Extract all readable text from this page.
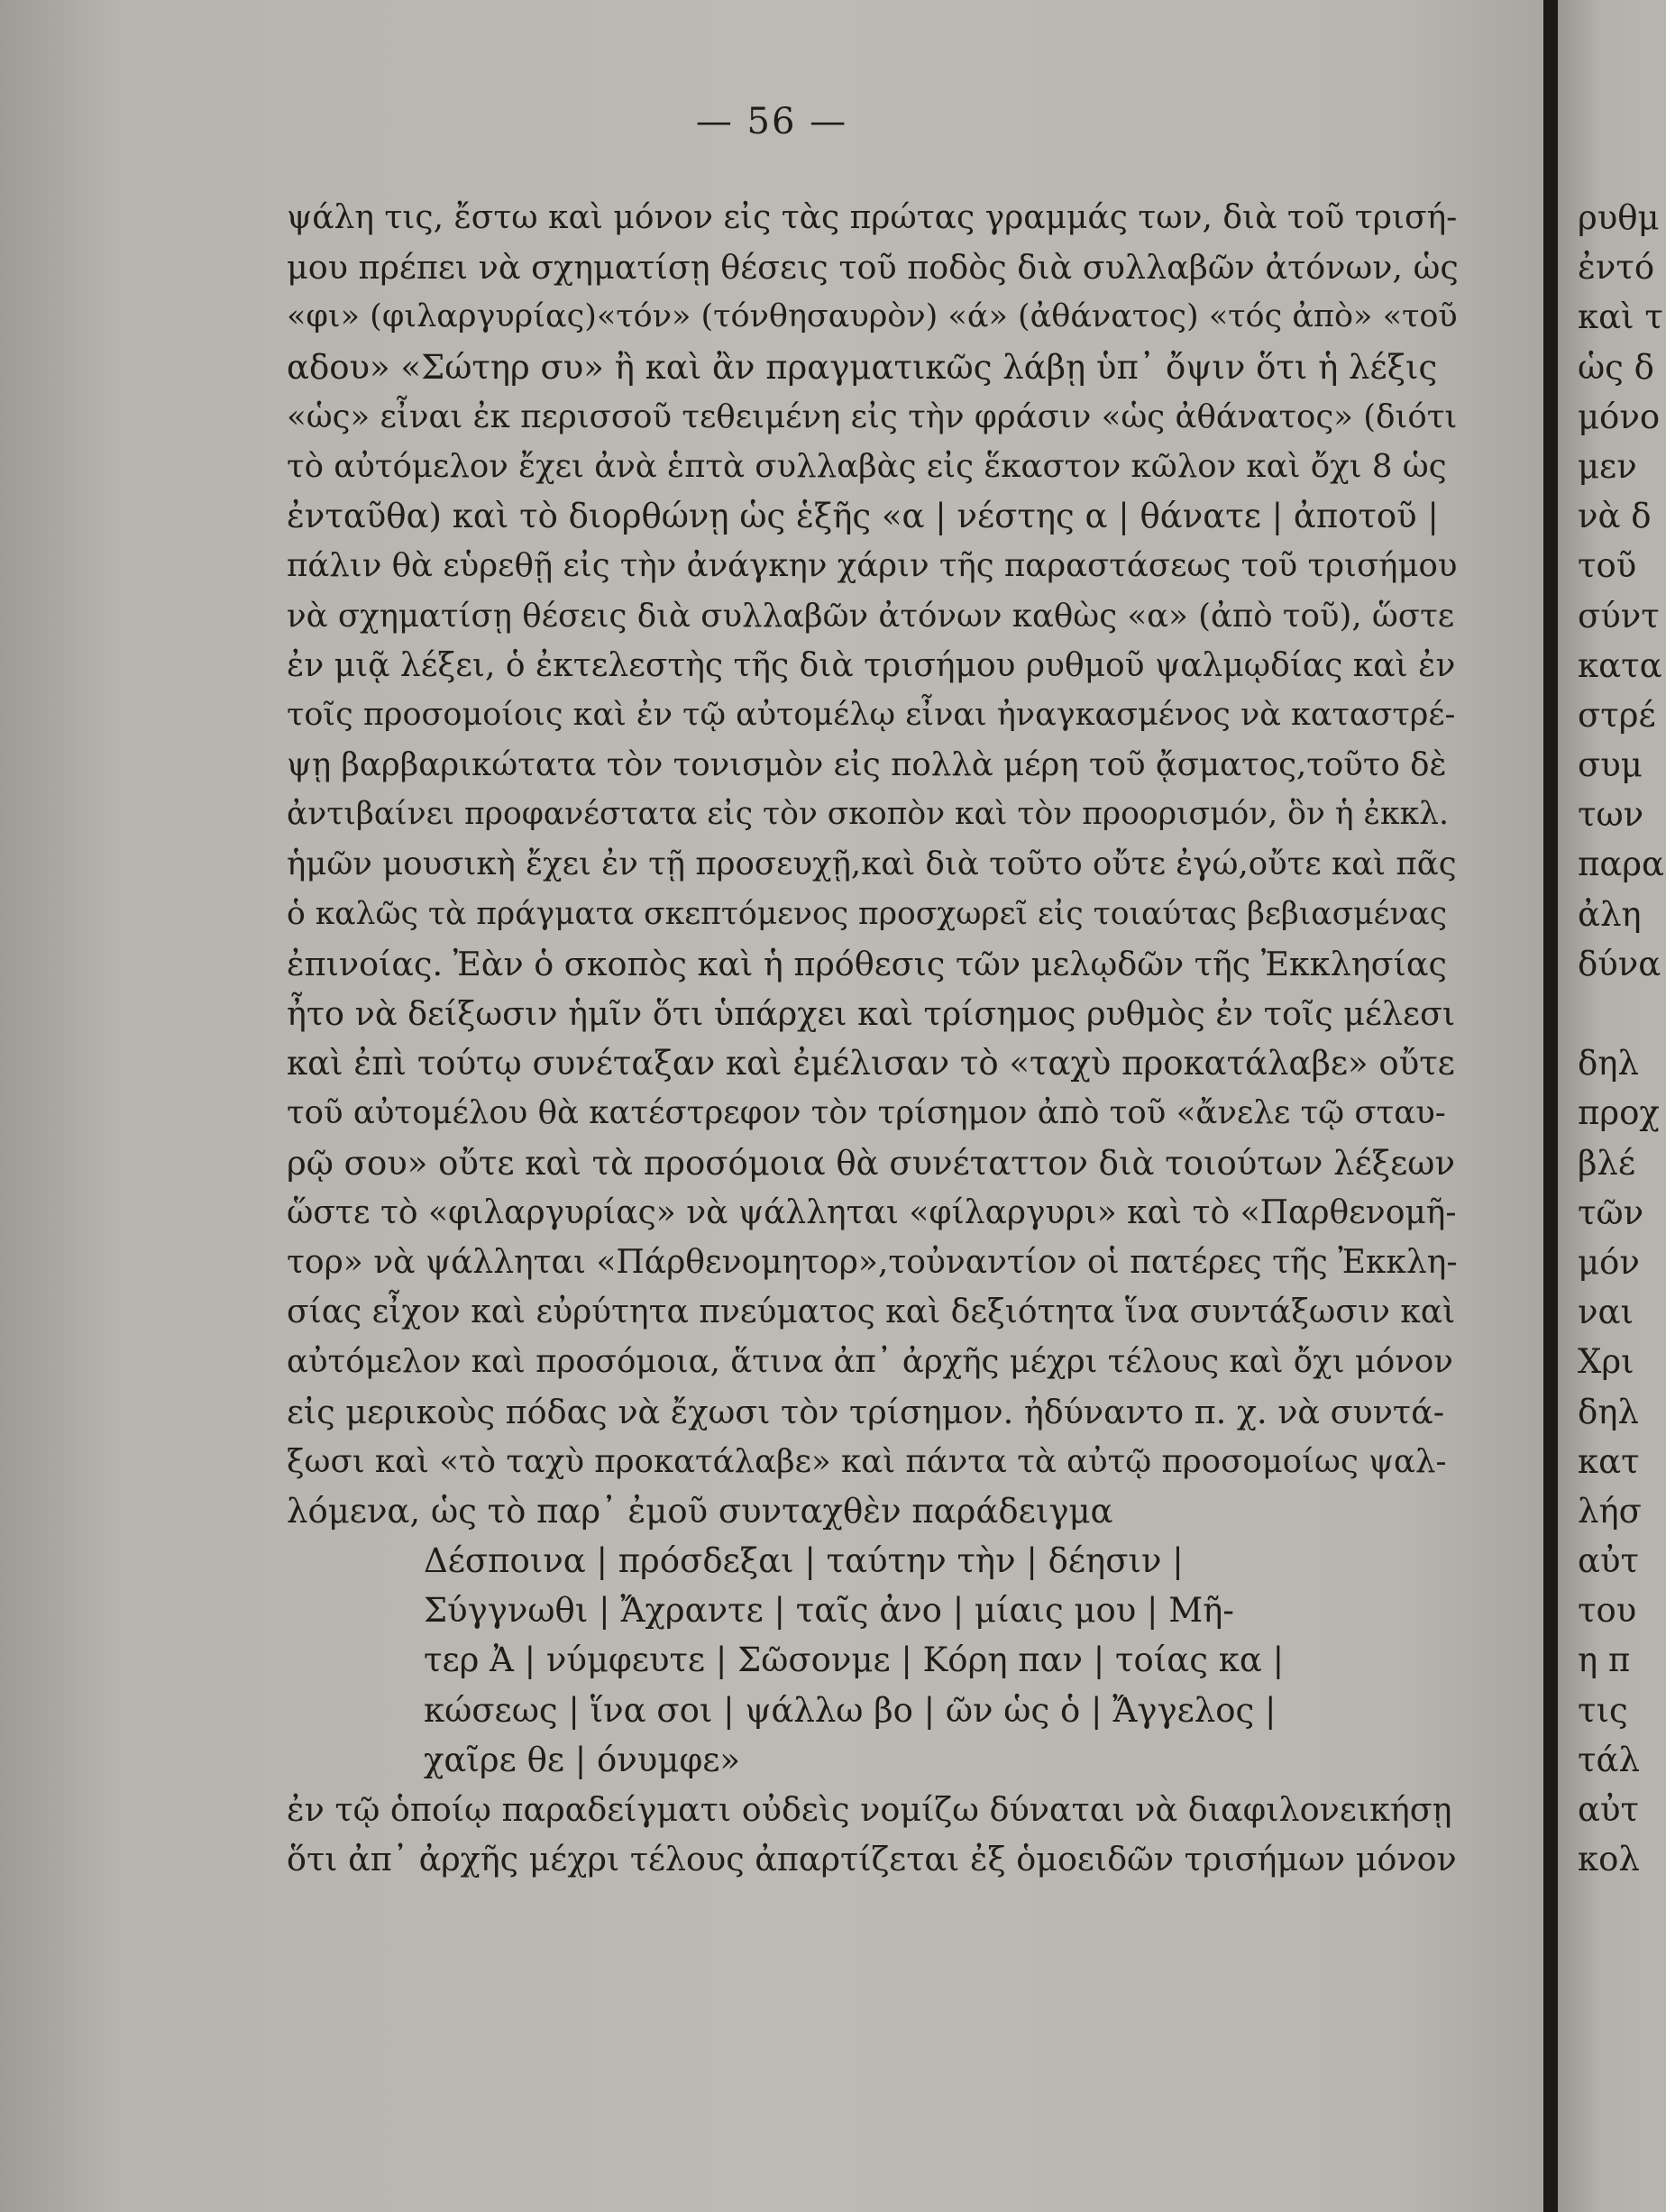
— 56 —
ψάλη τις, ἔστω καὶ μόνον εἰς τὰς πρώτας γραμμάς των, διὰ τοῦ τρισή-
μου πρέπει νὰ σχηματίσῃ θέσεις τοῦ ποδὸς διὰ συλλαβῶν ἀτόνων, ὡς
«φι» (φιλαργυρίας)«τόν» (τόνθησαυρὸν) «ά» (ἀθάνατος) «τός ἀπὸ» «τοῦ
αδου» «Σώτηρ συ» ἢ καὶ ἂν πραγματικῶς λάβῃ ὑπ᾽ ὄψιν ὅτι ἡ λέξις
«ὡς» εἶναι ἐκ περισσοῦ τεθειμένη εἰς τὴν φράσιν «ὡς ἀθάνατος» (διότι
τὸ αὐτόμελον ἔχει ἀνὰ ἑπτὰ συλλαβὰς εἰς ἕκαστον κῶλον καὶ ὄχι 8 ὡς
ἐνταῦθα) καὶ τὸ διορθώνῃ ὡς ἑξῆς «α | νέστης α | θάνατε | ἀποτοῦ |
πάλιν θὰ εὑρεθῇ εἰς τὴν ἀνάγκην χάριν τῆς παραστάσεως τοῦ τρισήμου
νὰ σχηματίσῃ θέσεις διὰ συλλαβῶν ἀτόνων καθὼς «α» (ἀπὸ τοῦ), ὥστε
ἐν μιᾷ λέξει, ὁ ἐκτελεστὴς τῆς διὰ τρισήμου ρυθμοῦ ψαλμῳδίας καὶ ἐν
τοῖς προσομοίοις καὶ ἐν τῷ αὐτομέλῳ εἶναι ἠναγκασμένος νὰ καταστρέ-
ψῃ βαρβαρικώτατα τὸν τονισμὸν εἰς πολλὰ μέρη τοῦ ᾄσματος,τοῦτο δὲ
ἀντιβαίνει προφανέστατα εἰς τὸν σκοπὸν καὶ τὸν προορισμόν, ὃν ἡ ἐκκλ.
ἡμῶν μουσικὴ ἔχει ἐν τῇ προσευχῇ,καὶ διὰ τοῦτο οὔτε ἐγώ,οὔτε καὶ πᾶς
ὁ καλῶς τὰ πράγματα σκεπτόμενος προσχωρεῖ εἰς τοιαύτας βεβιασμένας
ἐπινοίας. Ἐὰν ὁ σκοπὸς καὶ ἡ πρόθεσις τῶν μελῳδῶν τῆς Ἐκκλησίας
ἦτο νὰ δείξωσιν ἡμῖν ὅτι ὑπάρχει καὶ τρίσημος ρυθμὸς ἐν τοῖς μέλεσι
καὶ ἐπὶ τούτῳ συνέταξαν καὶ ἐμέλισαν τὸ «ταχὺ προκατάλαβε» οὔτε
τοῦ αὐτομέλου θὰ κατέστρεφον τὸν τρίσημον ἀπὸ τοῦ «ἄνελε τῷ σταυ-
ρῷ σου» οὔτε καὶ τὰ προσόμοια θὰ συνέταττον διὰ τοιούτων λέξεων
ὥστε τὸ «φιλαργυρίας» νὰ ψάλληται «φίλαργυρι» καὶ τὸ «Παρθενομῆ-
τορ» νὰ ψάλληται «Πάρθενομητορ»,τοὐναντίον οἱ πατέρες τῆς Ἐκκλη-
σίας εἶχον καὶ εὐρύτητα πνεύματος καὶ δεξιότητα ἵνα συντάξωσιν καὶ
αὐτόμελον καὶ προσόμοια, ἅτινα ἀπ᾽ ἀρχῆς μέχρι τέλους καὶ ὄχι μόνον
εἰς μερικοὺς πόδας νὰ ἔχωσι τὸν τρίσημον. ἠδύναντο π. χ. νὰ συντά-
ξωσι καὶ «τὸ ταχὺ προκατάλαβε» καὶ πάντα τὰ αὐτῷ προσομοίως ψαλ-
λόμενα, ὡς τὸ παρ᾽ ἐμοῦ συνταχθὲν παράδειγμα
Δέσποινα | πρόσδεξαι | ταύτην τὴν | δέησιν |
Σύγγνωθι | Ἄχραντε | ταῖς ἀνο | μίαις μου | Μῆ-
τερ Ἀ | νύμφευτε | Σῶσονμε | Κόρη παν | τοίας κα |
κώσεως | ἵνα σοι | ψάλλω βο | ῶν ὡς ὁ | Ἄγγελος |
χαῖρε θε | όνυμφε»
ἐν τῷ ὁποίῳ παραδείγματι οὐδεὶς νομίζω δύναται νὰ διαφιλονεικήσῃ
ὅτι ἀπ᾽ ἀρχῆς μέχρι τέλους ἀπαρτίζεται ἐξ ὁμοειδῶν τρισήμων μόνον
ρυθμ
ἐντό
καὶ τ
ὡς δ
μόνο
μεν
νὰ δ
τοῦ
σύντ
κατα
στρέ
συμ
των
παρα
ἀλη
δύνα
δηλ
προχ
βλέ
τῶν
μόν
ναι
Χρι
δηλ
κατ
λήσ
αὐτ
του
η π
τις
τάλ
αὐτ
κολ
